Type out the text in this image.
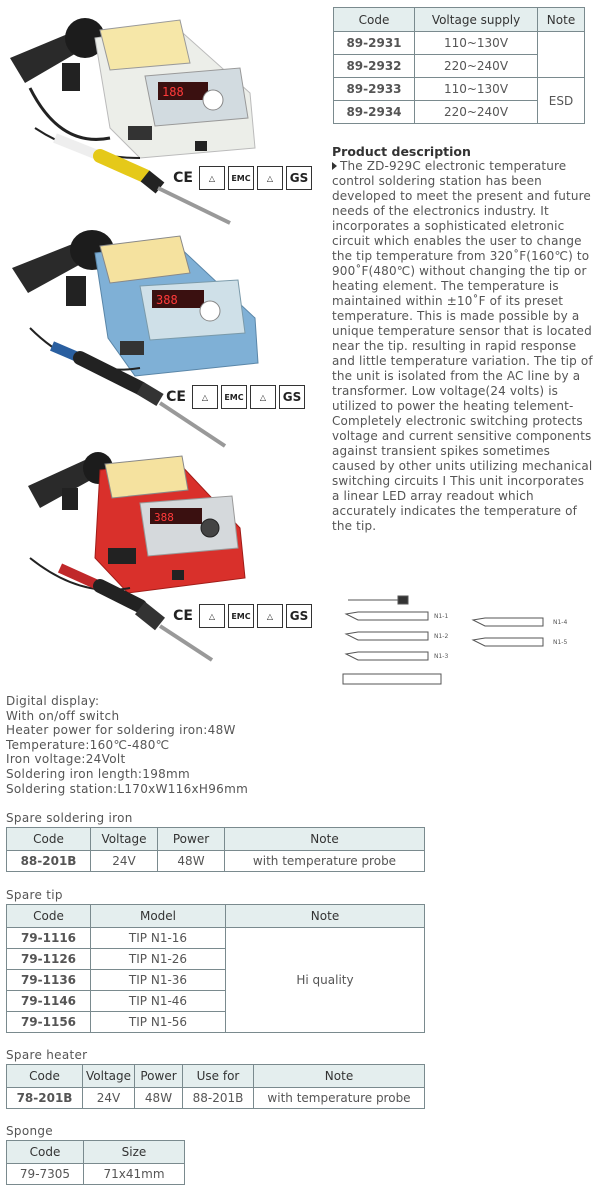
188
CE	△	EMC	△	GS
388
CE	△	EMC	△	GS
388
CE	△	EMC	△	GS
Code	Voltage supply	Note
89-2931	110~130V	
89-2932	220~240V	
89-2933	110~130V	ESD
89-2934	220~240V	
Product description

The ZD-929C electronic temperature control soldering station has been developed to meet the present and future needs of the electronics industry. It incorporates a sophisticated eletronic circuit which enables the user to change the tip temperature from 320˚F(160℃) to 900˚F(480℃) without changing the tip or heating element. The temperature is maintained within ±10˚F of its preset temperature. This is made possible by a unique temperature sensor that is located near the tip. resulting in rapid response and little temperature variation. The tip of the unit is isolated from the AC line by a transformer. Low voltage(24 volts) is utilized to power the heating telement-Completely electronic switching protects voltage and current sensitive components against transient spikes sometimes caused by other units utilizing mechanical switching circuits I This unit incorporates a linear LED array readout which accurately indicates the temperature of the tip.

N1-1
N1-2
N1-3
N1-4
N1-5
Digital display:
With on/off switch
Heater power for soldering iron:48W
Temperature:160℃-480℃
Iron voltage:24Volt
Soldering iron length:198mm
Soldering station:L170xW116xH96mm
Spare soldering iron
Code	Voltage	Power	Note
88-201B	24V	48W	with temperature probe
Spare tip
Code	Model	Note
79-1116	TIP N1-16	Hi quality
79-1126	TIP N1-26	
79-1136	TIP N1-36	
79-1146	TIP N1-46	
79-1156	TIP N1-56	
Spare heater
Code	Voltage	Power	Use for	Note
78-201B	24V	48W	88-201B	with temperature probe
Sponge
Code	Size
79-7305	71x41mm
